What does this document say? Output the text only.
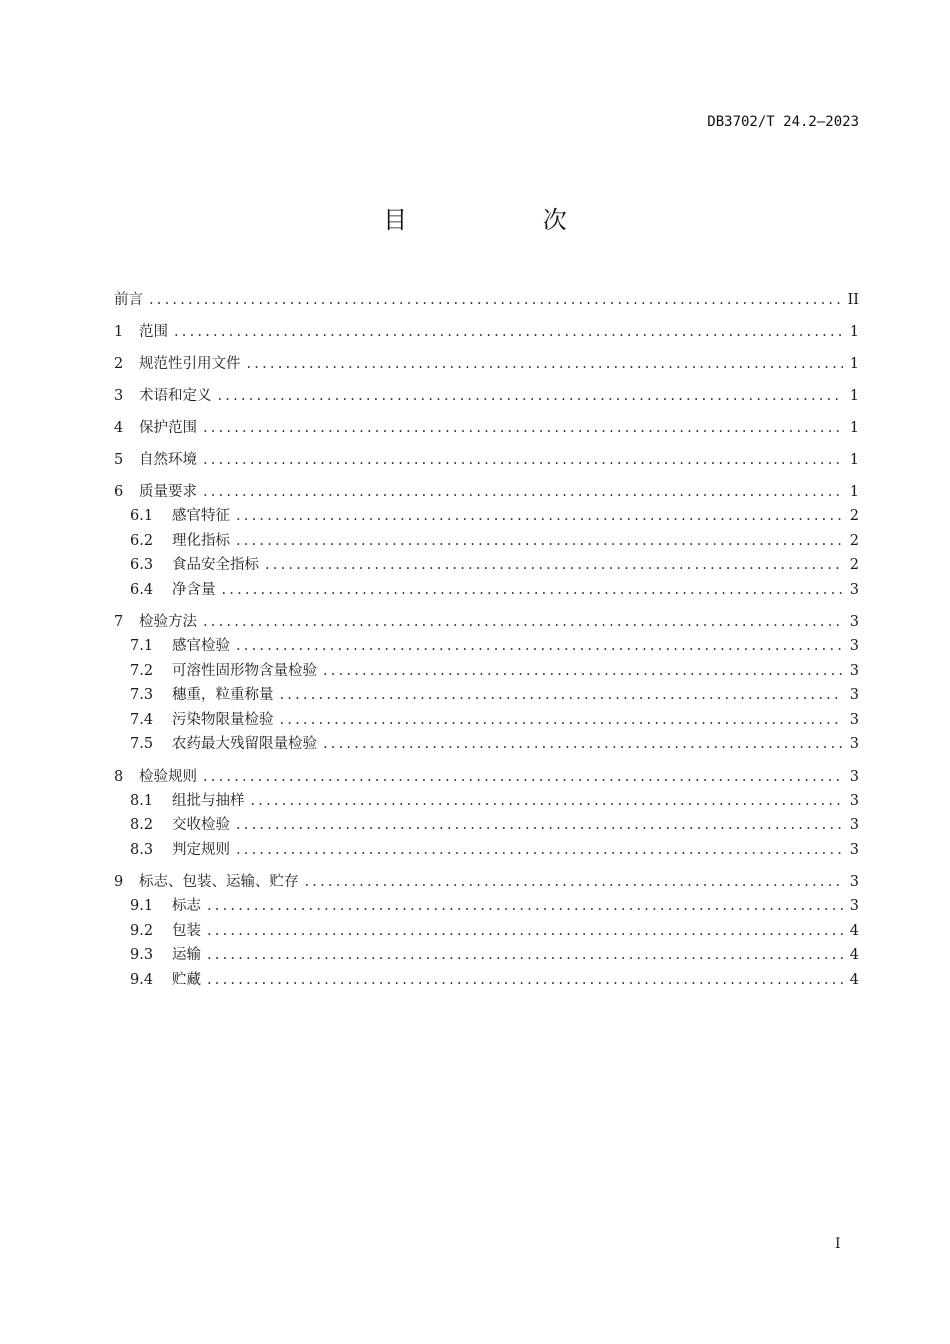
DB3702/T 24.2—2023
目 次
前言 .....	II
1	范围 .....	1
2	规范性引用文件 .....	1
3	术语和定义 .....	1
4	保护范围 .....	1
5	自然环境 .....	1
6	质量要求 .....	1
6.1	感官特征 .....	2
6.2	理化指标 .....	2
6.3	食品安全指标 .....	2
6.4	净含量 .....	3
7	检验方法 .....	3
7.1	感官检验 .....	3
7.2	可溶性固形物含量检验 .....	3
7.3	穗重，粒重称量 .....	3
7.4	污染物限量检验 .....	3
7.5	农药最大残留限量检验 .....	3
8	检验规则 .....	3
8.1	组批与抽样 .....	3
8.2	交收检验 .....	3
8.3	判定规则 .....	3
9	标志、包装、运输、贮存 .....	3
9.1	标志 .....	3
9.2	包装 .....	4
9.3	运输 .....	4
9.4	贮藏 .....	4
I
